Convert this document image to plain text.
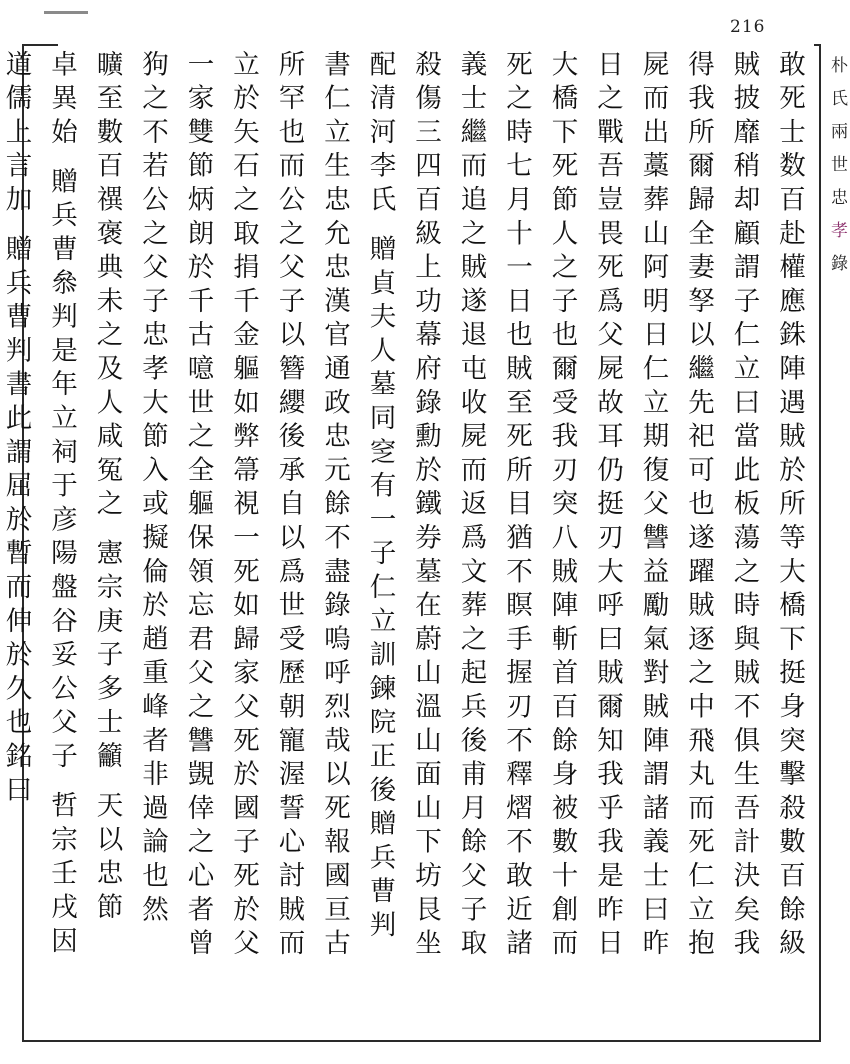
216
朴氏兩世忠孝錄
敢死士数百赴權應銖陣遇賊於所等大橋下挺身突擊殺數百餘級
賊披靡稍却顧謂子仁立曰當此板蕩之時與賊不俱生吾計決矣我
得我所爾歸全妻孥以繼先祀可也遂躍賊逐之中飛丸而死仁立抱
屍而出藁葬山阿明日仁立期復父讐益勵氣對賊陣謂諸義士曰昨
日之戰吾豈畏死爲父屍故耳仍挺刃大呼曰賊爾知我乎我是昨日
大橋下死節人之子也爾受我刃突八賊陣斬首百餘身被數十創而
死之時七月十一日也賊至死所目猶不瞑手握刃不釋熠不敢近諸
義士繼而追之賊遂退屯收屍而返爲文葬之起兵後甫月餘父子取
殺傷三四百級上功幕府錄勳於鐵券墓在蔚山溫山面山下坊艮坐
配清河李氏 贈貞夫人墓同窆有一子仁立訓鍊院正後贈兵曹判
書仁立生忠允忠漢官通政忠元餘不盡錄嗚呼烈哉以死報國亘古
所罕也而公之父子以簪纓後承自以爲世受歷朝寵渥誓心討賊而
立於矢石之取捐千金軀如弊箒視一死如歸家父死於國子死於父
一家雙節炳朗於千古噫世之全軀保領忘君父之讐覬倖之心者曾
狗之不若公之父子忠孝大節入或擬倫於趙重峰者非過論也然
曠至數百禩褒典未之及人咸冤之 憲宗庚子多士籲 天以忠節
卓異始 贈兵曹叅判是年立祠于彦陽盤谷妥公父子 哲宗壬戌因
道儒上言加 贈兵曹判書此謂屈於暫而伸於久也銘曰
